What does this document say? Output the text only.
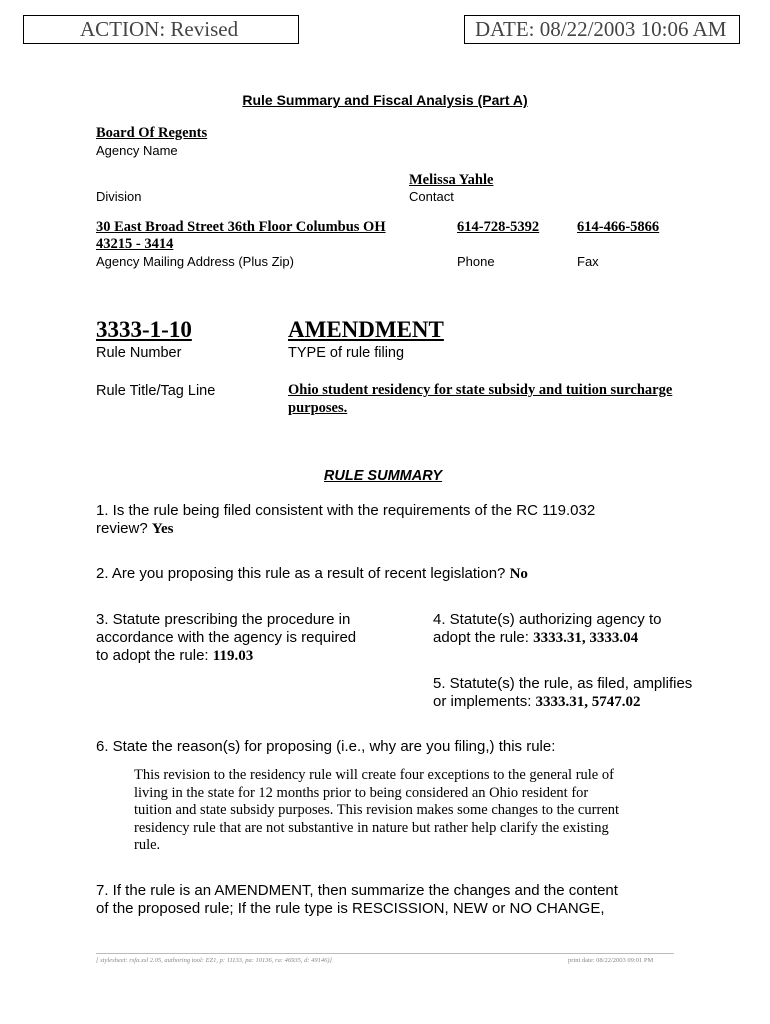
ACTION: Revised	DATE: 08/22/2003 10:06 AM
Rule Summary and Fiscal Analysis (Part A)
Board Of Regents
Agency Name
Melissa Yahle
Division	Contact
30 East Broad Street 36th Floor Columbus OH
43215 - 3414
614-728-5392	614-466-5866
Agency Mailing Address (Plus Zip)	Phone	Fax
3333-1-10	AMENDMENT
Rule Number	TYPE of rule filing
Rule Title/Tag Line	Ohio student residency for state subsidy and tuition surcharge
purposes.
RULE SUMMARY
1. Is the rule being filed consistent with the requirements of the RC 119.032
review? Yes
2. Are you proposing this rule as a result of recent legislation? No
3. Statute prescribing the procedure in
accordance with the agency is required
to adopt the rule: 119.03
4. Statute(s) authorizing agency to
adopt the rule: 3333.31, 3333.04
5. Statute(s) the rule, as filed, amplifies
or implements: 3333.31, 5747.02
6. State the reason(s) for proposing (i.e., why are you filing,) this rule:
This revision to the residency rule will create four exceptions to the general rule of
living in the state for 12 months prior to being considered an Ohio resident for
tuition and state subsidy purposes. This revision makes some changes to the current
residency rule that are not substantive in nature but rather help clarify the existing
rule.
7. If the rule is an AMENDMENT, then summarize the changes and the content
of the proposed rule; If the rule type is RESCISSION, NEW or NO CHANGE,
[ stylesheet: rsfa.xsl 2.05, authoring tool: EZ1, p: 11133, pa: 10136, ra: 46935, d: 49146)]	print date: 08/22/2003 09:01 PM
